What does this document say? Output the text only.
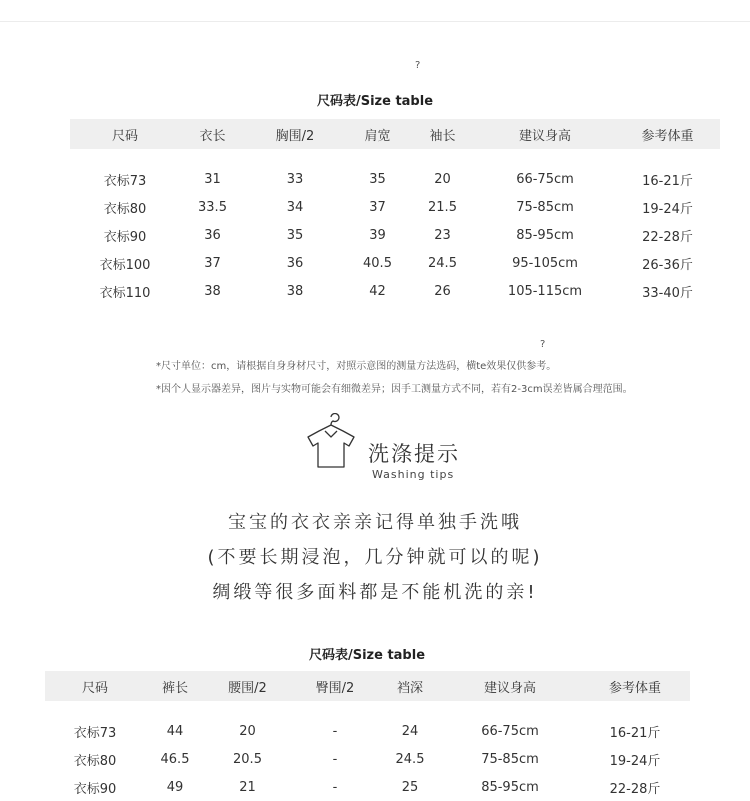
?
尺码表/Size table
尺码	衣长	胸围/2	肩宽	袖长	建议身高	参考体重

衣标73	31	33	35	20	66-75cm	16-21斤
衣标80	33.5	34	37	21.5	75-85cm	19-24斤
衣标90	36	35	39	23	85-95cm	22-28斤
衣标100	37	36	40.5	24.5	95-105cm	26-36斤
衣标110	38	38	42	26	105-115cm	33-40斤
?
*尺寸单位：cm，请根据自身身材尺寸，对照示意图的测量方法选码，横te效果仅供参考。
*因个人显示器差异，图片与实物可能会有细微差异；因手工测量方式不同，若有2-3cm误差皆属合理范围。
洗涤提示
Washing tips
宝宝的衣衣亲亲记得单独手洗哦
(不要长期浸泡，几分钟就可以的呢)
绸缎等很多面料都是不能机洗的亲!
尺码表/Size table
尺码	裤长	腰围/2	臀围/2	裆深	建议身高	参考体重

衣标73	44	20	-	24	66-75cm	16-21斤
衣标80	46.5	20.5	-	24.5	75-85cm	19-24斤
衣标90	49	21	-	25	85-95cm	22-28斤
